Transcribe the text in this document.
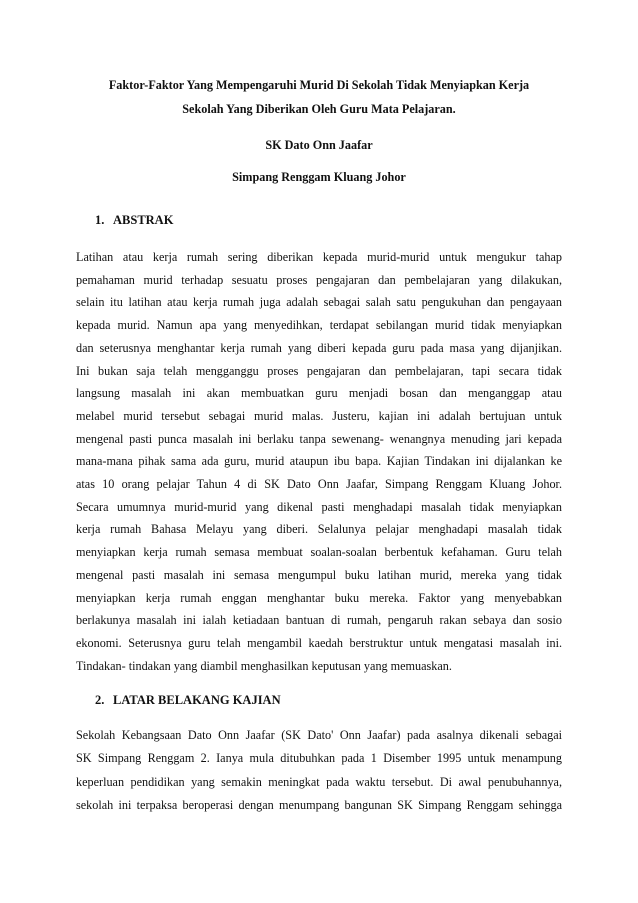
Faktor-Faktor Yang Mempengaruhi Murid Di Sekolah Tidak Menyiapkan Kerja
Sekolah Yang Diberikan Oleh Guru Mata Pelajaran.
SK Dato Onn Jaafar
Simpang Renggam Kluang Johor
1. ABSTRAK
Latihan atau kerja rumah sering diberikan kepada murid-murid untuk mengukur tahap
pemahaman murid terhadap sesuatu proses pengajaran dan pembelajaran yang dilakukan,
selain itu latihan atau kerja rumah juga adalah sebagai salah satu pengukuhan dan pengayaan
kepada murid. Namun apa yang menyedihkan, terdapat sebilangan murid tidak menyiapkan
dan seterusnya menghantar kerja rumah yang diberi kepada guru pada masa yang dijanjikan.
Ini bukan saja telah mengganggu proses pengajaran dan pembelajaran, tapi secara tidak
langsung masalah ini akan membuatkan guru menjadi bosan dan menganggap atau
melabel murid tersebut sebagai murid malas. Justeru, kajian ini adalah bertujuan untuk
mengenal pasti punca masalah ini berlaku tanpa sewenang- wenangnya menuding jari kepada
mana-mana pihak sama ada guru, murid ataupun ibu bapa. Kajian Tindakan ini dijalankan ke
atas 10 orang pelajar Tahun 4 di SK Dato Onn Jaafar, Simpang Renggam Kluang Johor.
Secara umumnya murid-murid yang dikenal pasti menghadapi masalah tidak menyiapkan
kerja rumah Bahasa Melayu yang diberi. Selalunya pelajar menghadapi masalah tidak
menyiapkan kerja rumah semasa membuat soalan-soalan berbentuk kefahaman. Guru telah
mengenal pasti masalah ini semasa mengumpul buku latihan murid, mereka yang tidak
menyiapkan kerja rumah enggan menghantar buku mereka. Faktor yang menyebabkan
berlakunya masalah ini ialah ketiadaan bantuan di rumah, pengaruh rakan sebaya dan sosio
ekonomi. Seterusnya guru telah mengambil kaedah berstruktur untuk mengatasi masalah ini.
Tindakan- tindakan yang diambil menghasilkan keputusan yang memuaskan.
2. LATAR BELAKANG KAJIAN
Sekolah Kebangsaan Dato Onn Jaafar (SK Dato' Onn Jaafar) pada asalnya dikenali sebagai
SK Simpang Renggam 2. Ianya mula ditubuhkan pada 1 Disember 1995 untuk menampung
keperluan pendidikan yang semakin meningkat pada waktu tersebut. Di awal penubuhannya,
sekolah ini terpaksa beroperasi dengan menumpang bangunan SK Simpang Renggam sehingga
